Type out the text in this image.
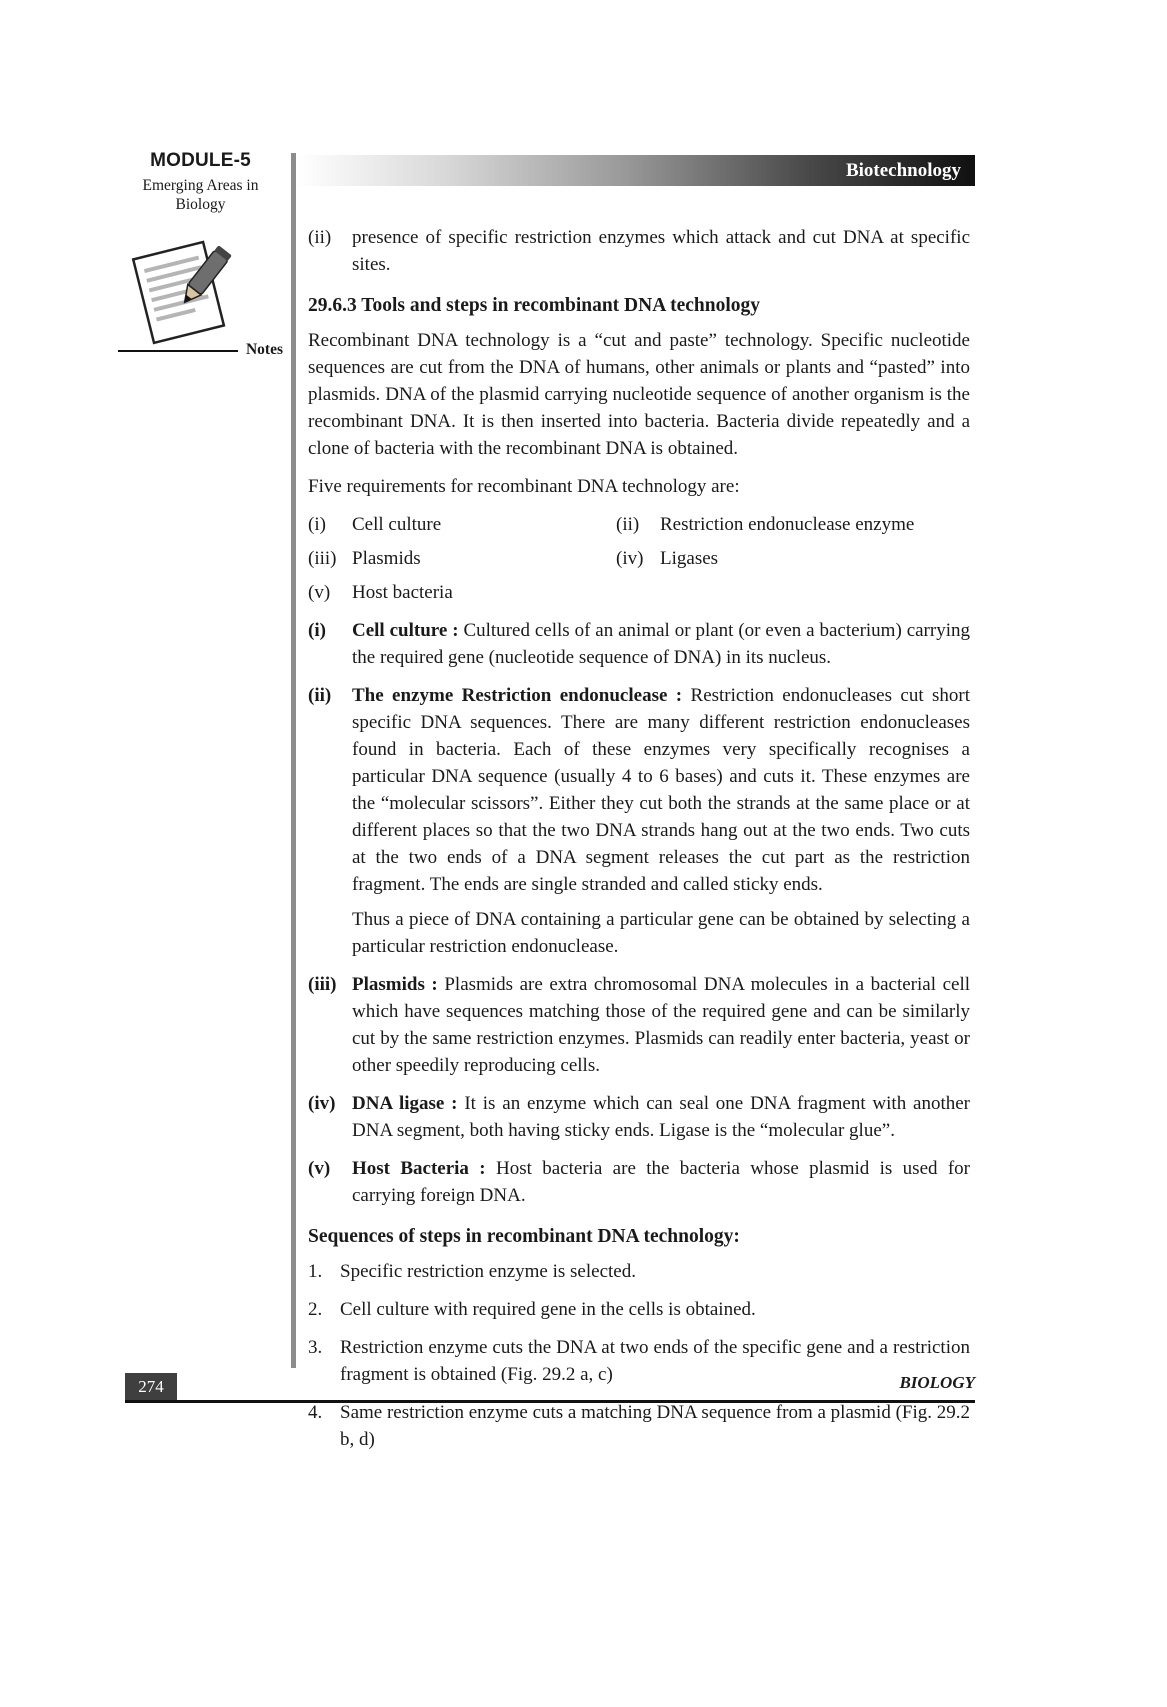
MODULE-5
Emerging Areas in Biology
Notes
Biotechnology
(ii)	presence of specific restriction enzymes which attack and cut DNA at specific sites.
29.6.3 Tools and steps in recombinant DNA technology
Recombinant DNA technology is a “cut and paste” technology. Specific nucleotide sequences are cut from the DNA of humans, other animals or plants and “pasted” into plasmids. DNA of the plasmid carrying nucleotide sequence of another organism is the recombinant DNA. It is then inserted into bacteria. Bacteria divide repeatedly and a clone of bacteria with the recombinant DNA is obtained.
Five requirements for recombinant DNA technology are:
(i)	Cell culture	(ii)	Restriction endonuclease enzyme
(iii) Plasmids	(iv) Ligases
(v)	Host bacteria
(i)	Cell culture : Cultured cells of an animal or plant (or even a bacterium) carrying the required gene (nucleotide sequence of DNA) in its nucleus.
(ii)	The enzyme Restriction endonuclease : Restriction endonucleases cut short specific DNA sequences. There are many different restriction endonucleases found in bacteria. Each of these enzymes very specifically recognises a particular DNA sequence (usually 4 to 6 bases) and cuts it. These enzymes are the “molecular scissors”. Either they cut both the strands at the same place or at different places so that the two DNA strands hang out at the two ends. Two cuts at the two ends of a DNA segment releases the cut part as the restriction fragment. The ends are single stranded and called sticky ends.
Thus a piece of DNA containing a particular gene can be obtained by selecting a particular restriction endonuclease.
(iii) Plasmids : Plasmids are extra chromosomal DNA molecules in a bacterial cell which have sequences matching those of the required gene and can be similarly cut by the same restriction enzymes. Plasmids can readily enter bacteria, yeast or other speedily reproducing cells.
(iv) DNA ligase : It is an enzyme which can seal one DNA fragment with another DNA segment, both having sticky ends. Ligase is the “molecular glue”.
(v)	Host Bacteria : Host bacteria are the bacteria whose plasmid is used for carrying foreign DNA.
Sequences of steps in recombinant DNA technology:
1. Specific restriction enzyme is selected.
2. Cell culture with required gene in the cells is obtained.
3. Restriction enzyme cuts the DNA at two ends of the specific gene and a restriction fragment is obtained (Fig. 29.2 a, c)
4. Same restriction enzyme cuts a matching DNA sequence from a plasmid (Fig. 29.2 b, d)
274	BIOLOGY
